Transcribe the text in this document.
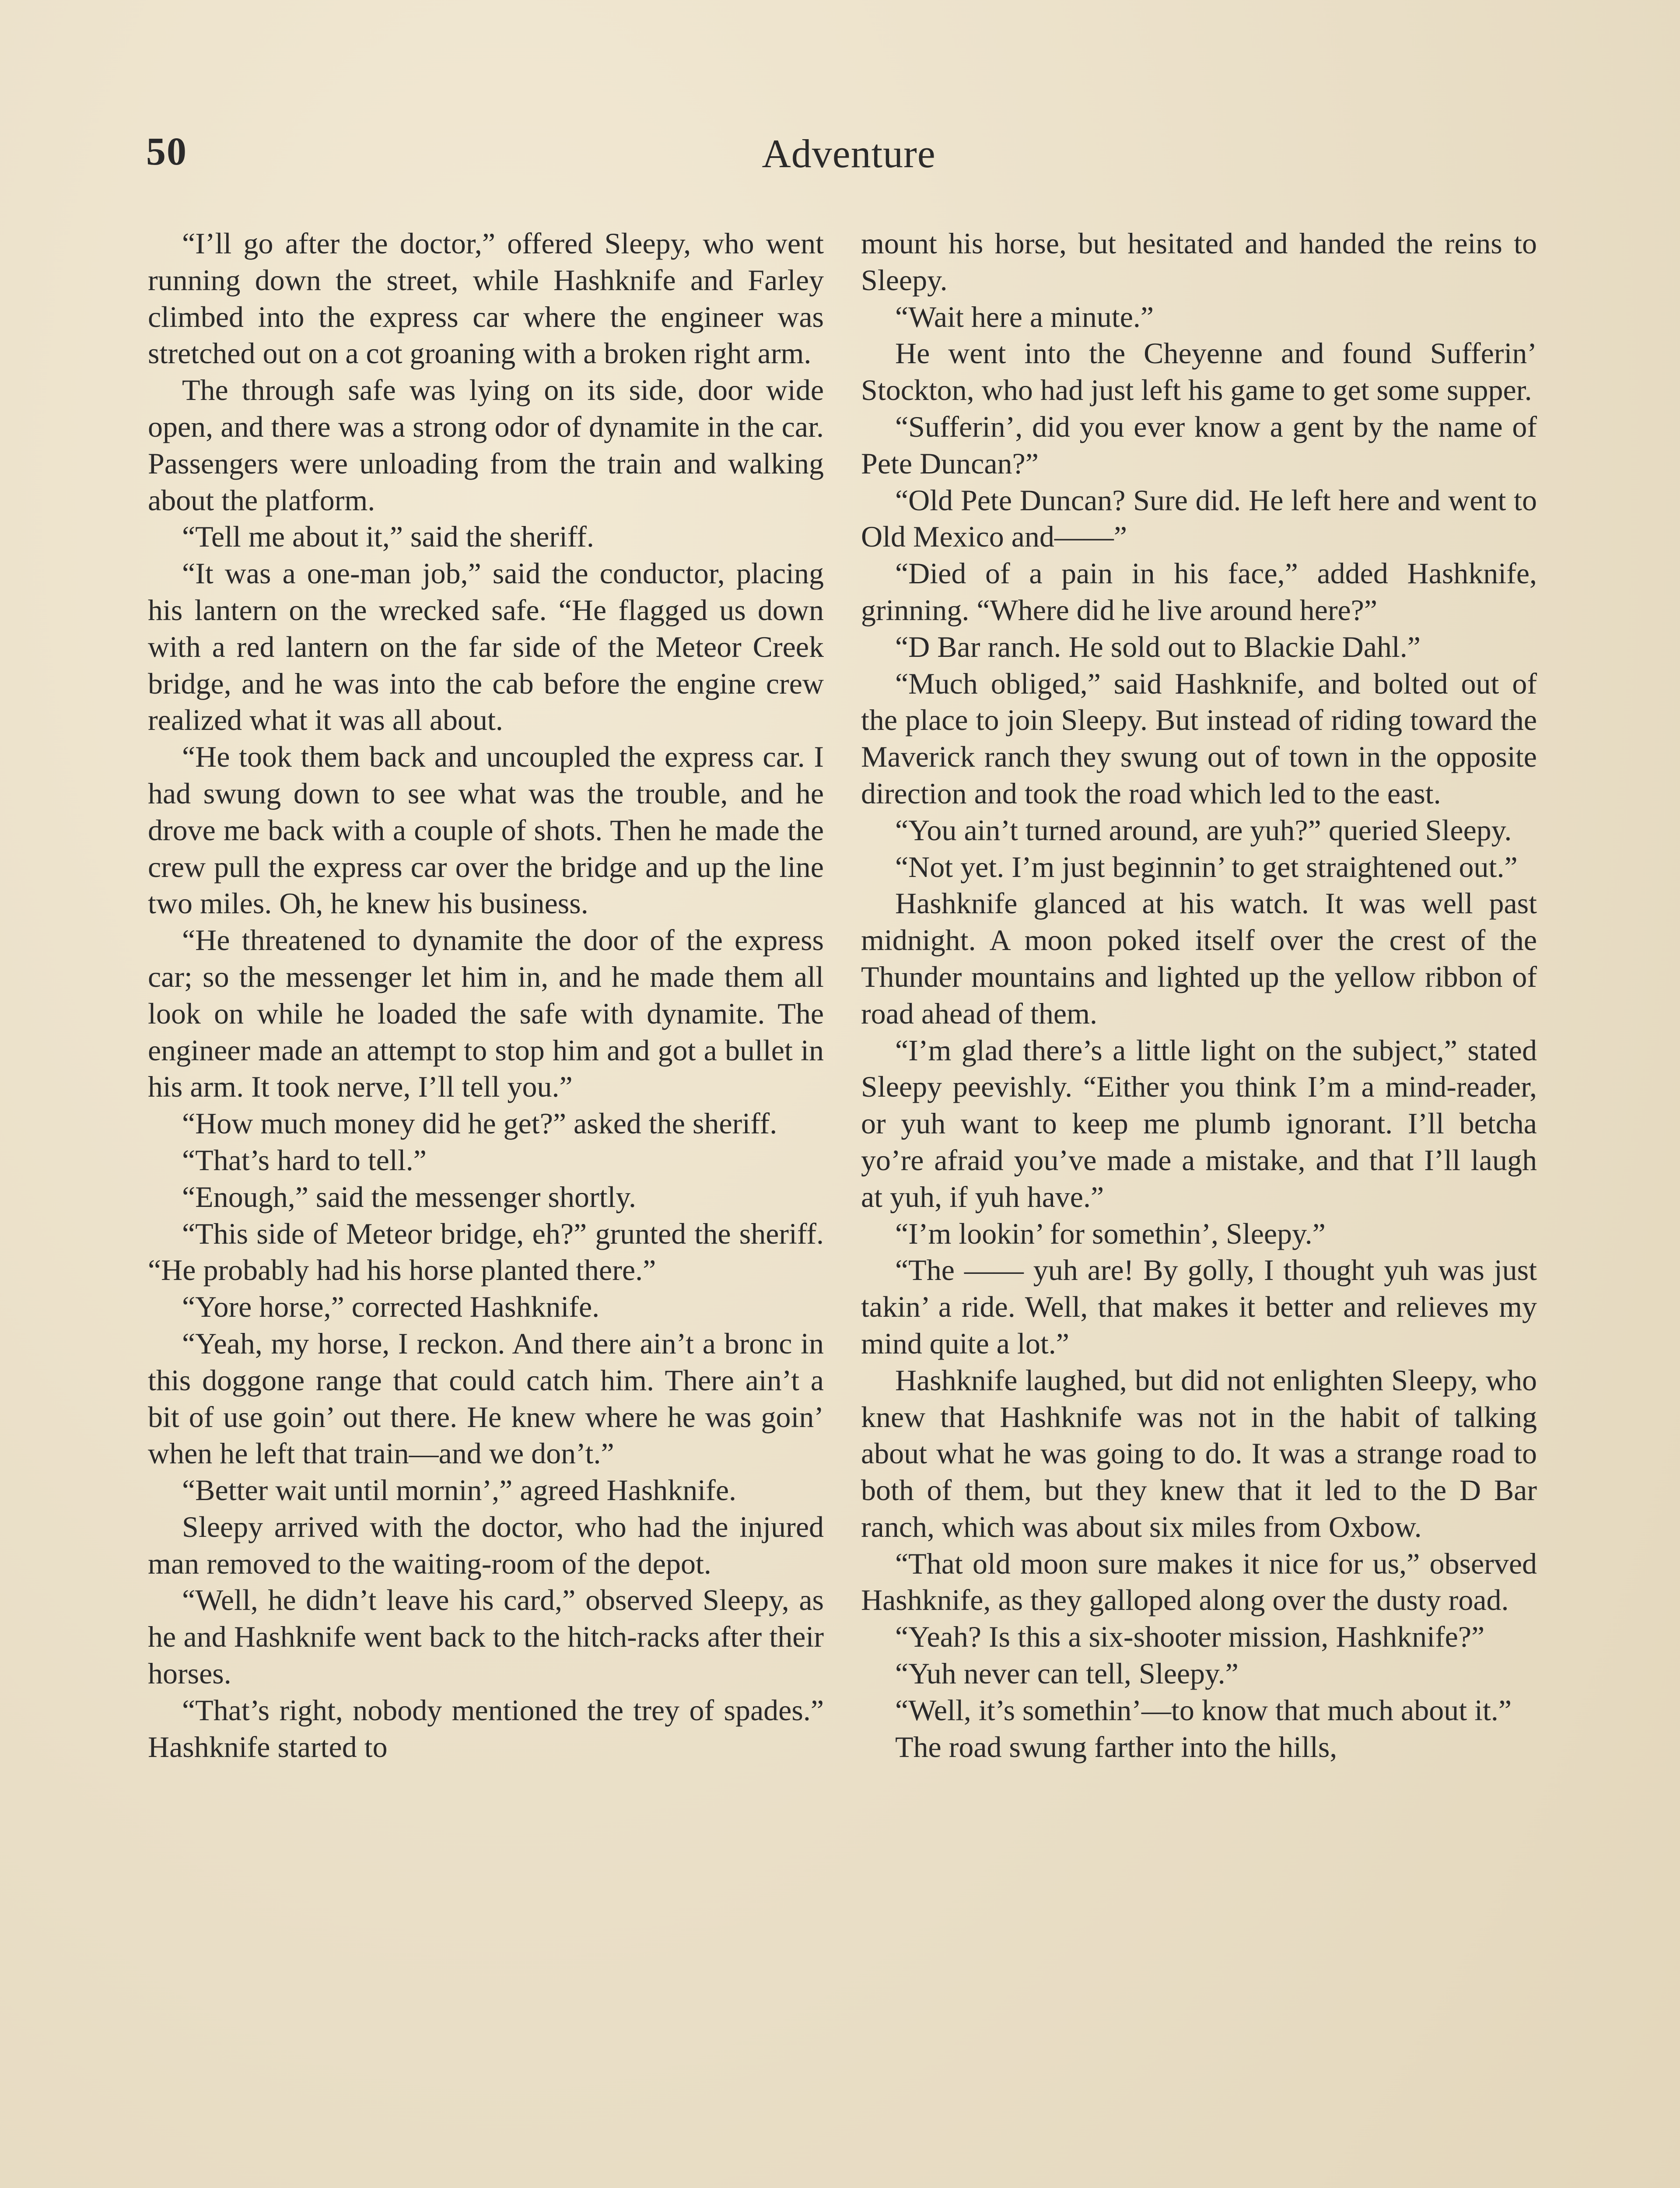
50	Adventure

“I’ll go after the doctor,” offered Sleepy, who went running down the street, while Hashknife and Farley climbed into the express car where the engineer was stretched out on a cot groaning with a broken right arm.

The through safe was lying on its side, door wide open, and there was a strong odor of dynamite in the car. Passengers were unloading from the train and walking about the platform.

“Tell me about it,” said the sheriff.

“It was a one-man job,” said the conductor, placing his lantern on the wrecked safe. “He flagged us down with a red lantern on the far side of the Meteor Creek bridge, and he was into the cab before the engine crew realized what it was all about.

“He took them back and uncoupled the express car. I had swung down to see what was the trouble, and he drove me back with a couple of shots. Then he made the crew pull the express car over the bridge and up the line two miles. Oh, he knew his business.

“He threatened to dynamite the door of the express car; so the messenger let him in, and he made them all look on while he loaded the safe with dynamite. The engineer made an attempt to stop him and got a bullet in his arm. It took nerve, I’ll tell you.”

“How much money did he get?” asked the sheriff.

“That’s hard to tell.”

“Enough,” said the messenger shortly.

“This side of Meteor bridge, eh?” grunted the sheriff. “He probably had his horse planted there.”

“Yore horse,” corrected Hashknife.

“Yeah, my horse, I reckon. And there ain’t a bronc in this doggone range that could catch him. There ain’t a bit of use goin’ out there. He knew where he was goin’ when he left that train—and we don’t.”

“Better wait until mornin’,” agreed Hashknife.

Sleepy arrived with the doctor, who had the injured man removed to the waiting-room of the depot.

“Well, he didn’t leave his card,” observed Sleepy, as he and Hashknife went back to the hitch-racks after their horses.

“That’s right, nobody mentioned the trey of spades.” Hashknife started to

mount his horse, but hesitated and handed the reins to Sleepy.

“Wait here a minute.”

He went into the Cheyenne and found Sufferin’ Stockton, who had just left his game to get some supper.

“Sufferin’, did you ever know a gent by the name of Pete Duncan?”

“Old Pete Duncan? Sure did. He left here and went to Old Mexico and——”

“Died of a pain in his face,” added Hashknife, grinning. “Where did he live around here?”

“D Bar ranch. He sold out to Blackie Dahl.”

“Much obliged,” said Hashknife, and bolted out of the place to join Sleepy. But instead of riding toward the Maverick ranch they swung out of town in the opposite direction and took the road which led to the east.

“You ain’t turned around, are yuh?” queried Sleepy.

“Not yet. I’m just beginnin’ to get straightened out.”

Hashknife glanced at his watch. It was well past midnight. A moon poked itself over the crest of the Thunder mountains and lighted up the yellow ribbon of road ahead of them.

“I’m glad there’s a little light on the subject,” stated Sleepy peevishly. “Either you think I’m a mind-reader, or yuh want to keep me plumb ignorant. I’ll betcha yo’re afraid you’ve made a mistake, and that I’ll laugh at yuh, if yuh have.”

“I’m lookin’ for somethin’, Sleepy.”

“The —— yuh are! By golly, I thought yuh was just takin’ a ride. Well, that makes it better and relieves my mind quite a lot.”

Hashknife laughed, but did not enlighten Sleepy, who knew that Hashknife was not in the habit of talking about what he was going to do. It was a strange road to both of them, but they knew that it led to the D Bar ranch, which was about six miles from Oxbow.

“That old moon sure makes it nice for us,” observed Hashknife, as they galloped along over the dusty road.

“Yeah? Is this a six-shooter mission, Hashknife?”

“Yuh never can tell, Sleepy.”

“Well, it’s somethin’—to know that much about it.”

The road swung farther into the hills,
